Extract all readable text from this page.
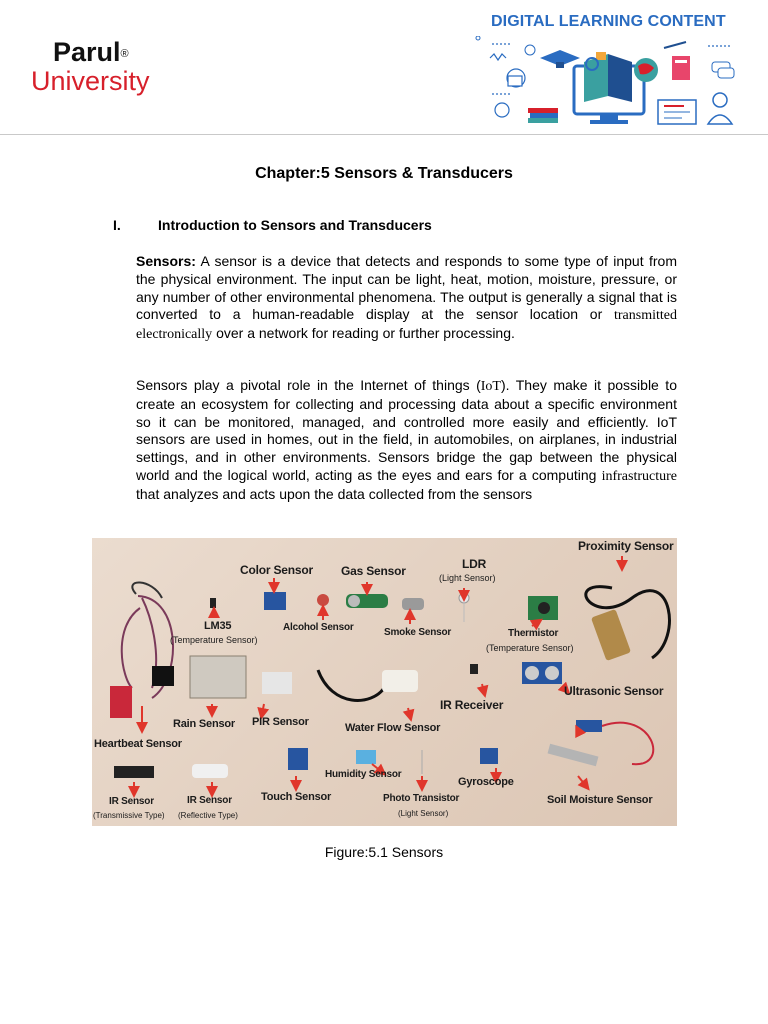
Parul®
University
DIGITAL LEARNING CONTENT
Chapter:5 Sensors & Transducers
I.	Introduction to Sensors and Transducers
Sensors: A sensor is a device that detects and responds to some type of input from the physical environment. The input can be light, heat, motion, moisture, pressure, or any number of other environmental phenomena. The output is generally a signal that is converted to a human-readable display at the sensor location or transmitted electronically over a network for reading or further processing.
Sensors play a pivotal role in the Internet of things (IoT). They make it possible to create an ecosystem for collecting and processing data about a specific environment so it can be monitored, managed, and controlled more easily and efficiently. IoT sensors are used in homes, out in the field, in automobiles, on airplanes, in industrial settings, and in other environments. Sensors bridge the gap between the physical world and the logical world, acting as the eyes and ears for a computing infrastructure that analyzes and acts upon the data collected from the sensors
Color Sensor Gas Sensor	LDR
(Light Sensor)
Proximity Sensor
LM35
(Temperature Sensor)
Alcohol Sensor	Smoke Sensor	Thermistor
(Temperature Sensor)
Ultrasonic Sensor
IR Receiver
Rain Sensor PIR Sensor	Water Flow Sensor
Heartbeat Sensor
Humidity Sensor
Gyroscope
IR Sensor
(Transmissive Type)
IR Sensor
(Reflective Type)
Touch Sensor	Photo Transistor
(Light Sensor)
Soil Moisture Sensor
Figure:5.1 Sensors
